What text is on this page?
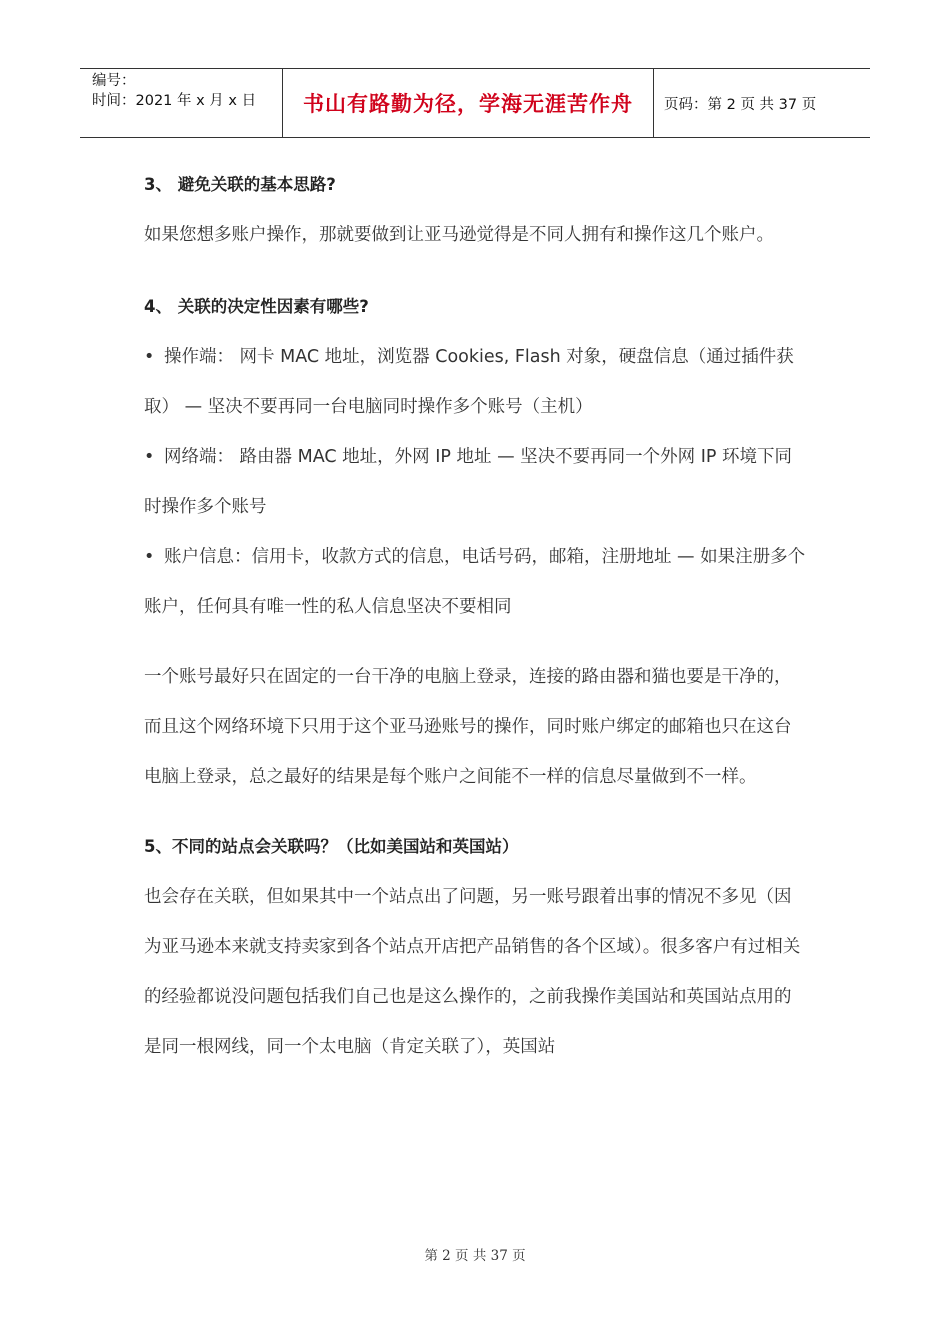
编号：
时间：2021 年 x 月 x 日	书山有路勤为径，学海无涯苦作舟	页码：第 2 页 共 37 页
3、 避免关联的基本思路?
如果您想多账户操作，那就要做到让亚马逊觉得是不同人拥有和操作这几个账户。
4、 关联的决定性因素有哪些?
• 操作端： 网卡 MAC 地址，浏览器 Cookies, Flash 对象，硬盘信息（通过插件获取） — 坚决不要再同一台电脑同时操作多个账号（主机）
• 网络端： 路由器 MAC 地址，外网 IP 地址 — 坚决不要再同一个外网 IP 环境下同时操作多个账号
• 账户信息：信用卡，收款方式的信息，电话号码，邮箱，注册地址 — 如果注册多个账户，任何具有唯一性的私人信息坚决不要相同
一个账号最好只在固定的一台干净的电脑上登录，连接的路由器和猫也要是干净的，而且这个网络环境下只用于这个亚马逊账号的操作，同时账户绑定的邮箱也只在这台电脑上登录，总之最好的结果是每个账户之间能不一样的信息尽量做到不一样。
5、不同的站点会关联吗？（比如美国站和英国站）
也会存在关联，但如果其中一个站点出了问题，另一账号跟着出事的情况不多见（因为亚马逊本来就支持卖家到各个站点开店把产品销售的各个区域）。很多客户有过相关的经验都说没问题包括我们自己也是这么操作的，之前我操作美国站和英国站点用的是同一根网线，同一个太电脑（肯定关联了），英国站
第 2 页 共 37 页
